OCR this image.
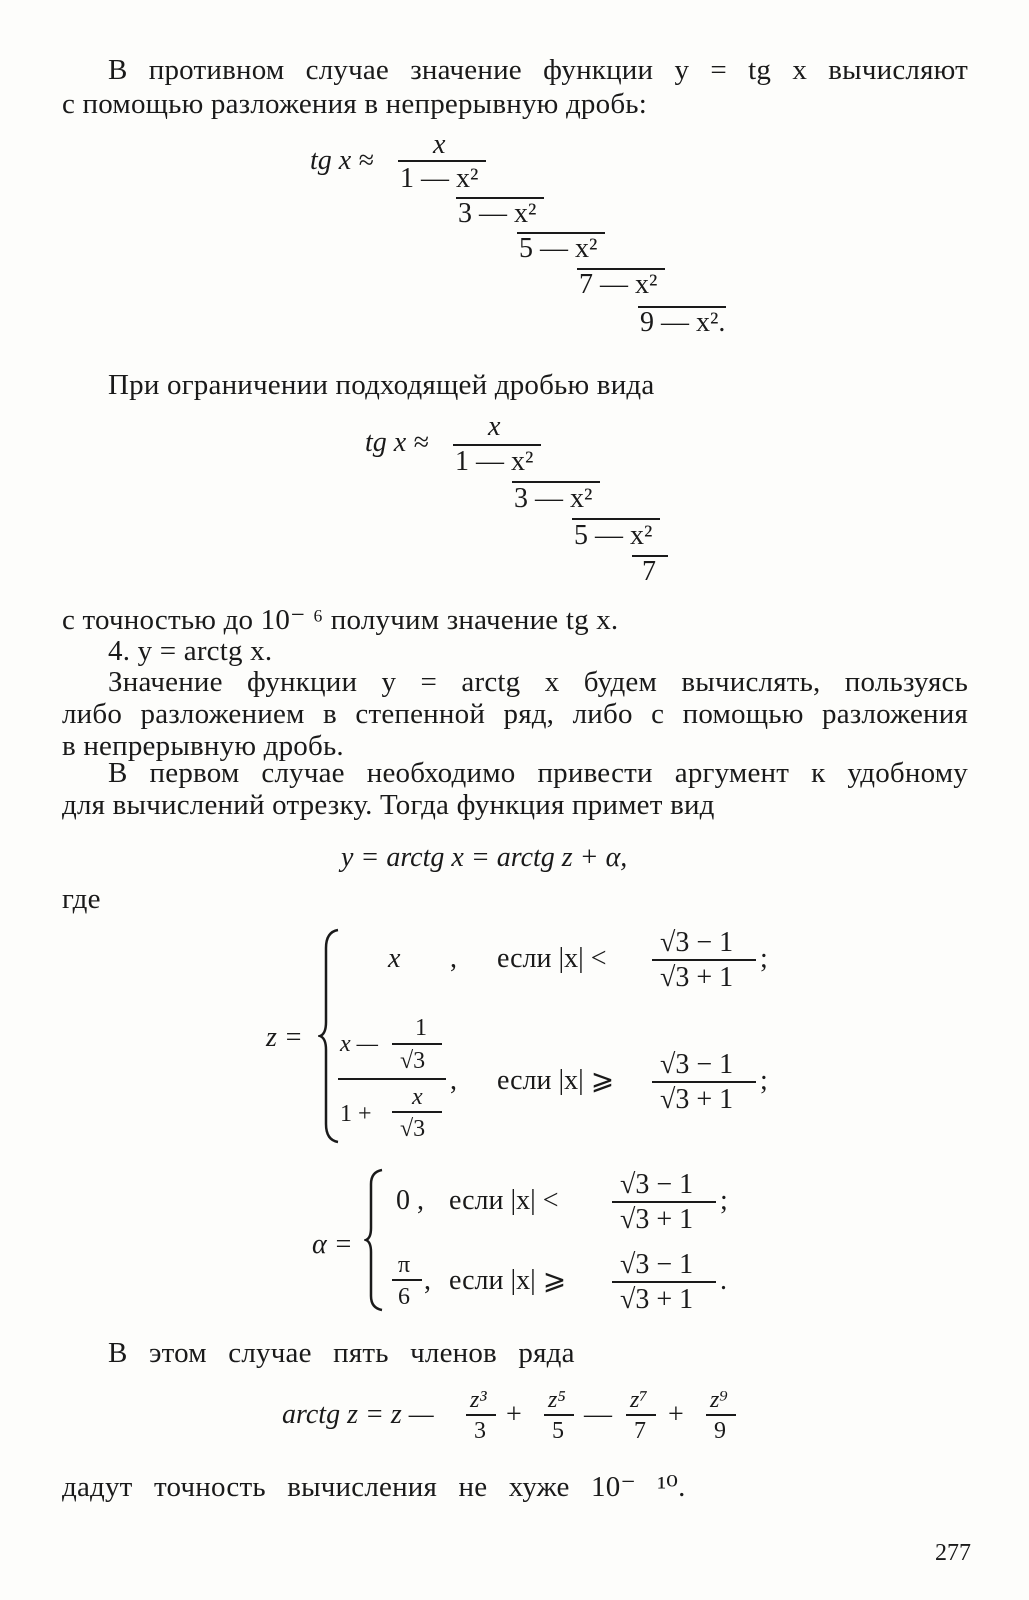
В противном случае значение функции y = tg x вычисляют
с помощью разложения в непрерывную дробь:
tg x ≈
x
1 — x²
3 — x²
5 — x²
7 — x²
9 — x².
При ограничении подходящей дробью вида
tg x ≈
x
1 — x²
3 — x²
5 — x²
7
с точностью до 10⁻ ⁶ получим значение tg x.
4. y = arctg x.
Значение функции y = arctg x будем вычислять, пользуясь
либо разложением в степенной ряд, либо с помощью разложения
в непрерывную дробь.
В первом случае необходимо привести аргумент к удобному
для вычислений отрезку. Тогда функция примет вид
y = arctg x = arctg z + α,
где
z =
x , если |x| <
√3 − 1
√3 + 1
;
1
x —
√3
1 +
x
√3
, если |x| ⩾
√3 − 1
√3 + 1
;
α =
0 , если |x| <
√3 − 1
√3 + 1
;
π
6
, если |x| ⩾
√3 − 1
√3 + 1
.
В этом случае пять членов ряда
arctg z = z — z³
3
+ z⁵
5
— z⁷
7
+ z⁹
9
дадут точность вычисления не хуже 10⁻ ¹⁰.
277
